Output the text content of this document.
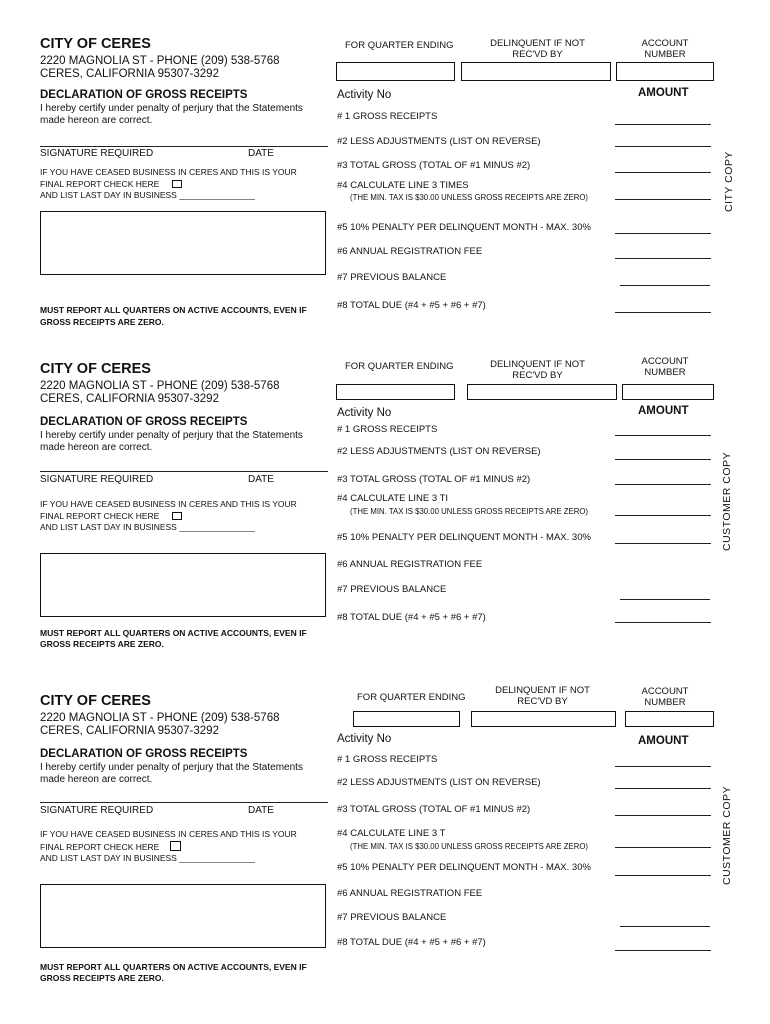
CITY OF CERES
2220 MAGNOLIA ST - PHONE (209) 538-5768
CERES, CALIFORNIA 95307-3292
DECLARATION OF GROSS RECEIPTS
I hereby certify under penalty of perjury that the Statements
made hereon are correct.
SIGNATURE REQUIRED	DATE
IF YOU HAVE CEASED BUSINESS IN CERES AND THIS IS YOUR
FINAL REPORT CHECK HERE
AND LIST LAST DAY IN BUSINESS ________________
MUST REPORT ALL QUARTERS ON ACTIVE ACCOUNTS, EVEN IF
GROSS RECEIPTS ARE ZERO.
FOR QUARTER ENDING	DELINQUENT IF NOT
REC'VD BY
ACCOUNT
NUMBER
Activity No	AMOUNT
# 1 GROSS RECEIPTS
#2 LESS ADJUSTMENTS (LIST ON REVERSE)
#3 TOTAL GROSS (TOTAL OF #1 MINUS #2)
#4 CALCULATE LINE 3 TIMES
(THE MIN. TAX IS $30.00 UNLESS GROSS RECEIPTS ARE ZERO)
#5 10% PENALTY PER DELINQUENT MONTH - MAX. 30%
#6 ANNUAL REGISTRATION FEE
#7 PREVIOUS BALANCE
#8 TOTAL DUE (#4 + #5 + #6 + #7)
CITY COPY
CITY OF CERES
2220 MAGNOLIA ST - PHONE (209) 538-5768
CERES, CALIFORNIA 95307-3292
DECLARATION OF GROSS RECEIPTS
I hereby certify under penalty of perjury that the Statements
made hereon are correct.
SIGNATURE REQUIRED	DATE
IF YOU HAVE CEASED BUSINESS IN CERES AND THIS IS YOUR
FINAL REPORT CHECK HERE
AND LIST LAST DAY IN BUSINESS ________________
MUST REPORT ALL QUARTERS ON ACTIVE ACCOUNTS, EVEN IF
GROSS RECEIPTS ARE ZERO.
FOR QUARTER ENDING	DELINQUENT IF NOT
REC'VD BY
ACCOUNT
NUMBER
Activity No	AMOUNT
# 1 GROSS RECEIPTS
#2 LESS ADJUSTMENTS (LIST ON REVERSE)
#3 TOTAL GROSS (TOTAL OF #1 MINUS #2)
#4 CALCULATE LINE 3 TI
(THE MIN. TAX IS $30.00 UNLESS GROSS RECEIPTS ARE ZERO)
#5 10% PENALTY PER DELINQUENT MONTH - MAX. 30%
#6 ANNUAL REGISTRATION FEE
#7 PREVIOUS BALANCE
#8 TOTAL DUE (#4 + #5 + #6 + #7)
CUSTOMER COPY
CITY OF CERES
2220 MAGNOLIA ST - PHONE (209) 538-5768
CERES, CALIFORNIA 95307-3292
DECLARATION OF GROSS RECEIPTS
I hereby certify under penalty of perjury that the Statements
made hereon are correct.
SIGNATURE REQUIRED	DATE
IF YOU HAVE CEASED BUSINESS IN CERES AND THIS IS YOUR
FINAL REPORT CHECK HERE
AND LIST LAST DAY IN BUSINESS ________________
MUST REPORT ALL QUARTERS ON ACTIVE ACCOUNTS, EVEN IF
GROSS RECEIPTS ARE ZERO.
FOR QUARTER ENDING
DELINQUENT IF NOT
REC'VD BY
ACCOUNT
NUMBER
Activity No	AMOUNT
# 1 GROSS RECEIPTS
#2 LESS ADJUSTMENTS (LIST ON REVERSE)
#3 TOTAL GROSS (TOTAL OF #1 MINUS #2)
#4 CALCULATE LINE 3 T
(THE MIN. TAX IS $30.00 UNLESS GROSS RECEIPTS ARE ZERO)
#5 10% PENALTY PER DELINQUENT MONTH - MAX. 30%
#6 ANNUAL REGISTRATION FEE
#7 PREVIOUS BALANCE
#8 TOTAL DUE (#4 + #5 + #6 + #7)
CUSTOMER COPY
